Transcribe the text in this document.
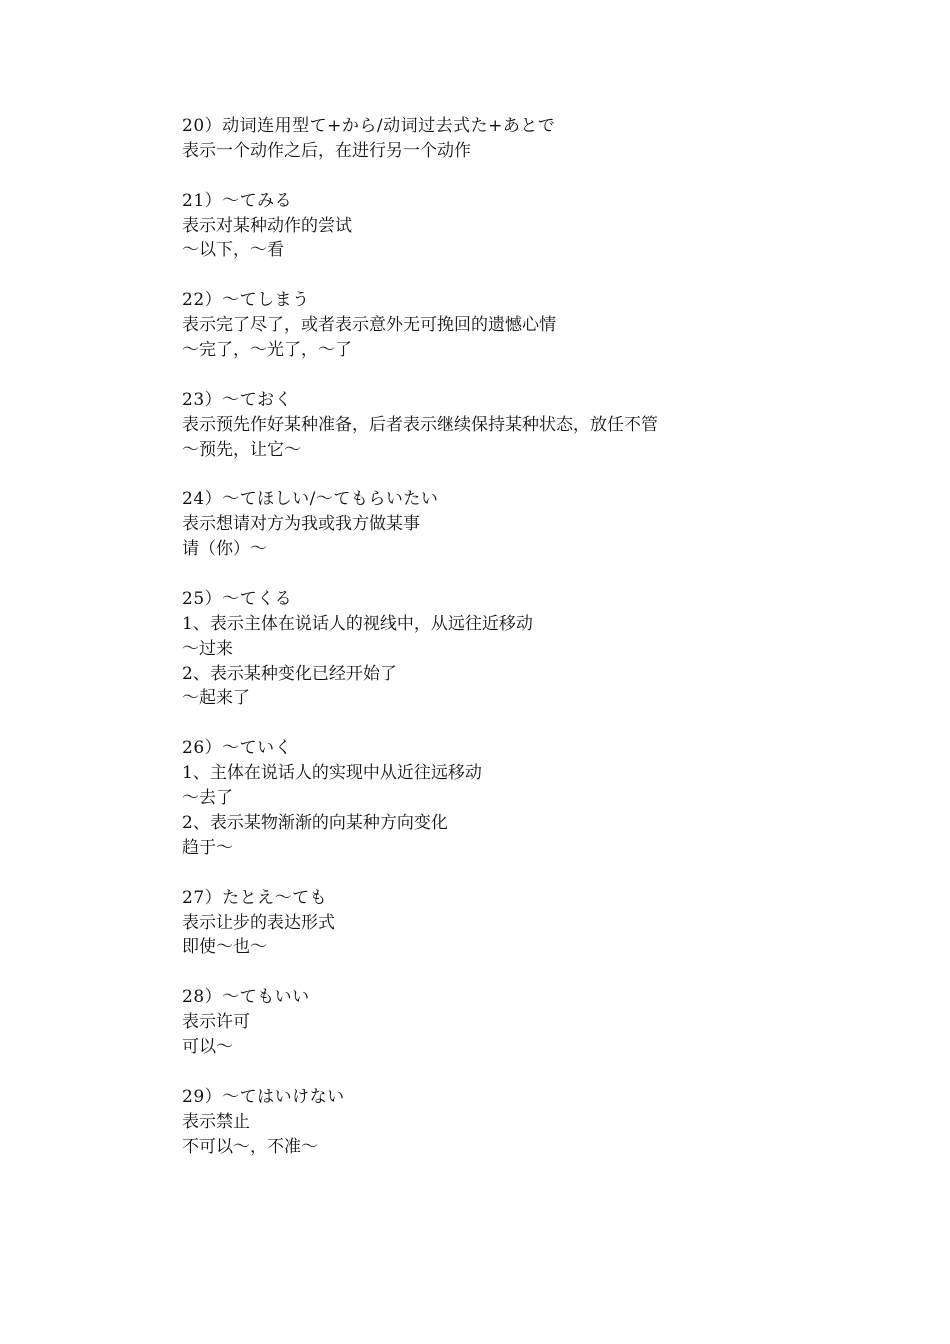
20）动词连用型て+から/动词过去式た+あとで
表示一个动作之后，在进行另一个动作
21）～てみる
表示对某种动作的尝试
～以下，～看
22）～てしまう
表示完了尽了，或者表示意外无可挽回的遗憾心情
～完了，～光了，～了
23）～ておく
表示预先作好某种准备，后者表示继续保持某种状态，放任不管
～预先，让它～
24）～てほしい/～てもらいたい
表示想请对方为我或我方做某事
请（你）～
25）～てくる
1、表示主体在说话人的视线中，从远往近移动
～过来
2、表示某种变化已经开始了
～起来了
26）～ていく
1、主体在说话人的实现中从近往远移动
～去了
2、表示某物渐渐的向某种方向变化
趋于～
27）たとえ～ても
表示让步的表达形式
即使～也～
28）～てもいい
表示许可
可以～
29）～てはいけない
表示禁止
不可以～，不准～
